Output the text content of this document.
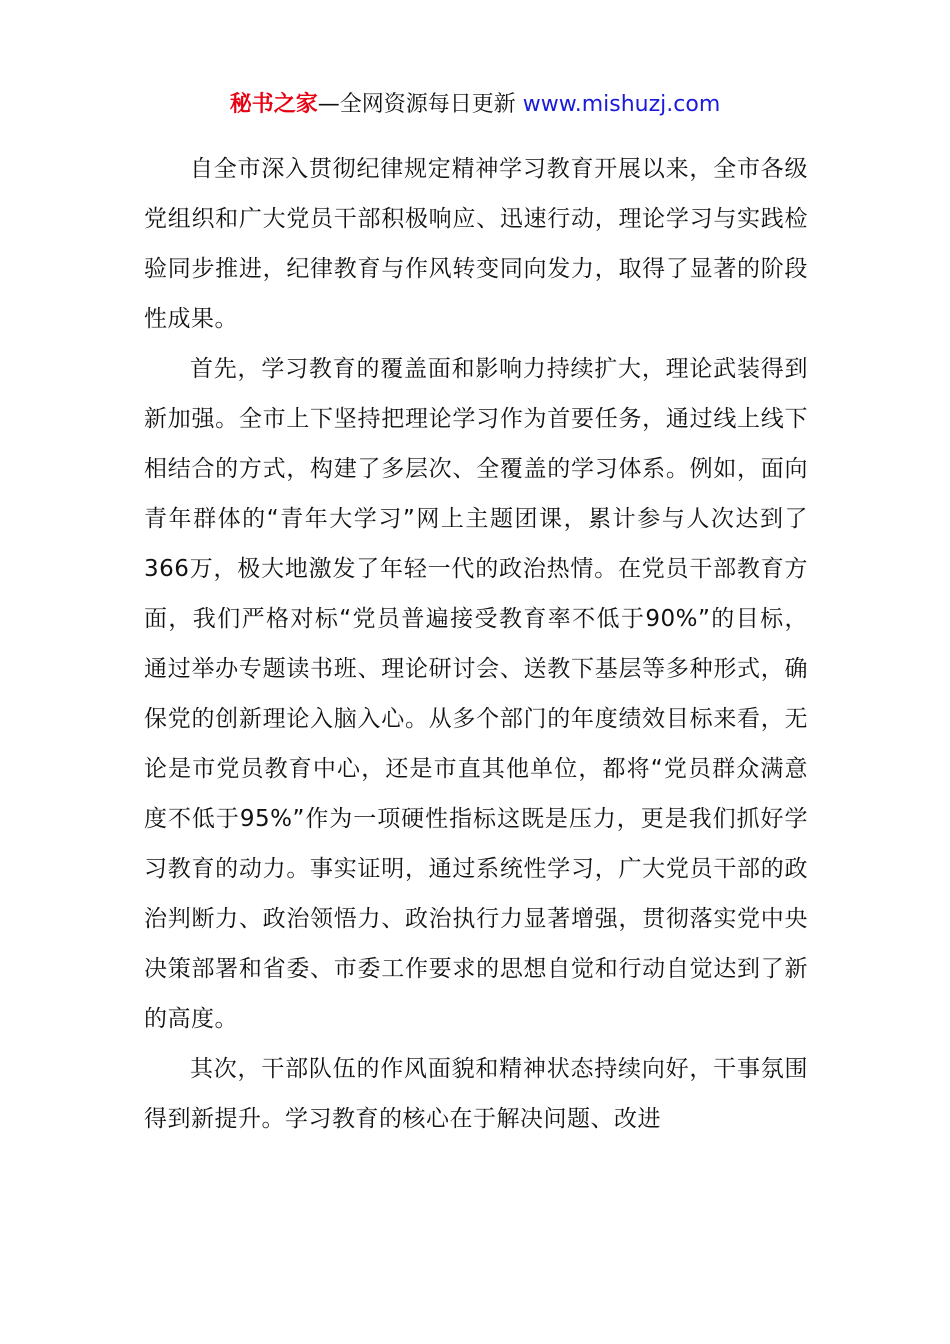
秘书之家—全网资源每日更新 www.mishuzj.com

自全市深入贯彻纪律规定精神学习教育开展以来，全市各级党组织和广大党员干部积极响应、迅速行动，理论学习与实践检验同步推进，纪律教育与作风转变同向发力，取得了显著的阶段性成果。

首先，学习教育的覆盖面和影响力持续扩大，理论武装得到新加强。全市上下坚持把理论学习作为首要任务，通过线上线下相结合的方式，构建了多层次、全覆盖的学习体系。例如，面向青年群体的“青年大学习”网上主题团课，累计参与人次达到了366万，极大地激发了年轻一代的政治热情。在党员干部教育方面，我们严格对标“党员普遍接受教育率不低于90%”的目标，通过举办专题读书班、理论研讨会、送教下基层等多种形式，确保党的创新理论入脑入心。从多个部门的年度绩效目标来看，无论是市党员教育中心，还是市直其他单位，都将“党员群众满意度不低于95%”作为一项硬性指标这既是压力，更是我们抓好学习教育的动力。事实证明，通过系统性学习，广大党员干部的政治判断力、政治领悟力、政治执行力显著增强，贯彻落实党中央决策部署和省委、市委工作要求的思想自觉和行动自觉达到了新的高度。

其次，干部队伍的作风面貌和精神状态持续向好，干事氛围得到新提升。学习教育的核心在于解决问题、改进
